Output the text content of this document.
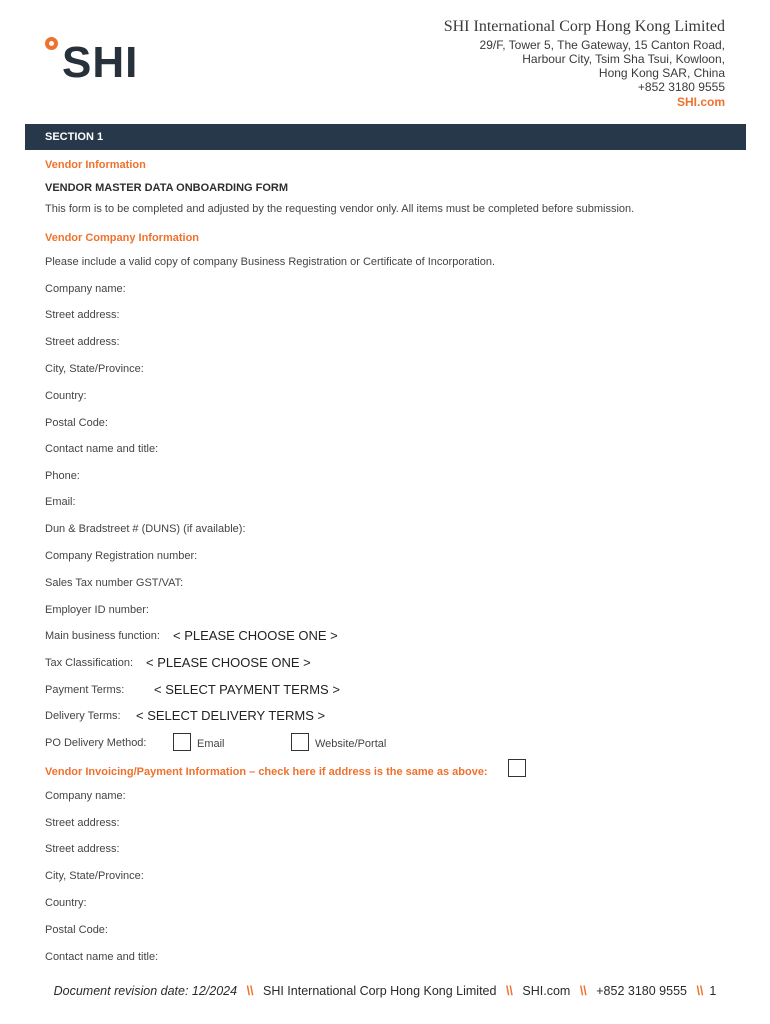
SHI
SHI International Corp Hong Kong Limited
29/F, Tower 5, The Gateway, 15 Canton Road,
Harbour City, Tsim Sha Tsui, Kowloon,
Hong Kong SAR, China
+852 3180 9555
SHI.com
SECTION 1
Vendor Information
VENDOR MASTER DATA ONBOARDING FORM
This form is to be completed and adjusted by the requesting vendor only. All items must be completed before submission.
Vendor Company Information
Please include a valid copy of company Business Registration or Certificate of Incorporation.
Company name:
Street address:
Street address:
City, State/Province:
Country:
Postal Code:
Contact name and title:
Phone:
Email:
Dun & Bradstreet # (DUNS) (if available):
Company Registration number:
Sales Tax number GST/VAT:
Employer ID number:
Main business function: < PLEASE CHOOSE ONE >
Tax Classification: < PLEASE CHOOSE ONE >
Payment Terms: < SELECT PAYMENT TERMS >
Delivery Terms: < SELECT DELIVERY TERMS >
PO Delivery Method:	Email	Website/Portal
Vendor Invoicing/Payment Information – check here if address is the same as above:
Company name:
Street address:
Street address:
City, State/Province:
Country:
Postal Code:
Contact name and title:
Document revision date: 12/2024 \\ SHI International Corp Hong Kong Limited \\ SHI.com \\ +852 3180 9555 \\ 1
